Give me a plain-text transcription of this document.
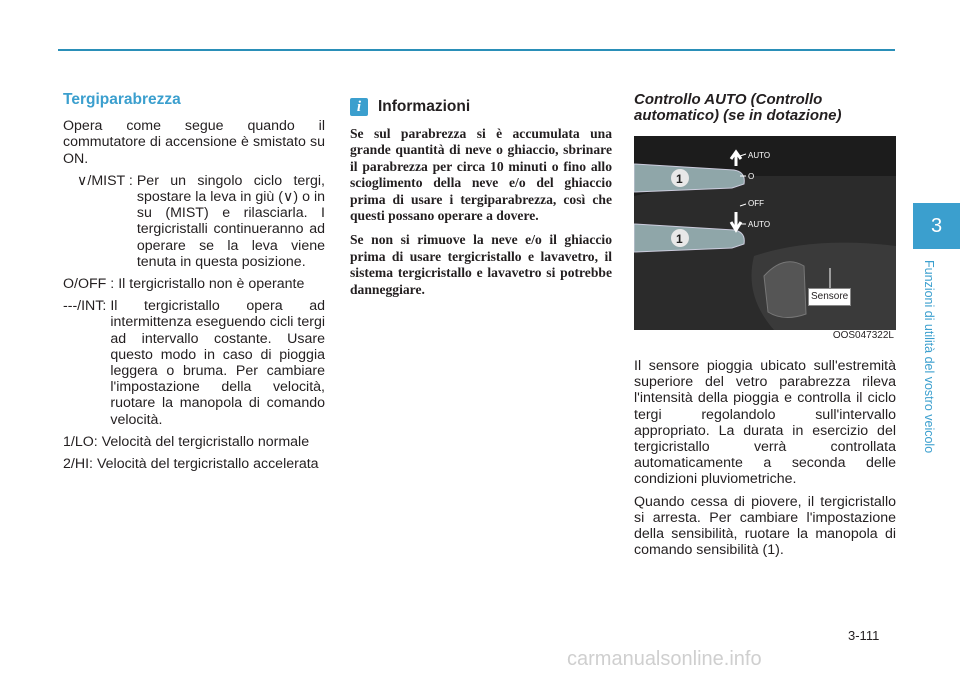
Tergiparabrezza

Opera come segue quando il commutatore di accensione è smistato su ON.

∨/MIST : Per un singolo ciclo tergi, spostare la leva in giù (∨) o in su (MIST) e rilasciarla. I tergicristalli continueranno ad operare se la leva viene tenuta in questa posizione.
O/OFF : Il tergicristallo non è operante
---/INT: Il tergicristallo opera ad intermittenza eseguendo cicli tergi ad intervallo costante. Usare questo modo in caso di pioggia leggera o bruma. Per cambiare l'impostazione della velocità, ruotare la manopola di comando velocità.
1/LO: Velocità del tergicristallo normale
2/HI: Velocità del tergicristallo accelerata
i	Informazioni

Se sul parabrezza si è accumulata una grande quantità di neve o ghiaccio, sbrinare il parabrezza per circa 10 minuti o fino allo scioglimento della neve e/o del ghiaccio prima di usare i tergiparabrezza, così che questi possano operare a dovere.

Se non si rimuove la neve e/o il ghiaccio prima di usare tergicristallo e lavavetro, il sistema tergicristallo e lavavetro si potrebbe danneggiare.

Controllo AUTO (Controllo automatico) (se in dotazione)
1
1
AUTO
O
OFF
AUTO
Sensore
OOS047322L

Il sensore pioggia ubicato sull'estremità superiore del vetro parabrezza rileva l'intensità della pioggia e controlla il ciclo tergi regolandolo sull'intervallo appropriato. La durata in esercizio del tergicristallo verrà controllata automaticamente a seconda delle condizioni pluviometriche.

Quando cessa di piovere, il tergicristallo si arresta. Per cambiare l'impostazione della sensibilità, ruotare la manopola di comando sensibilità (1).

3
Funzioni di utilità del vostro veicolo
3-111
carmanualsonline.info
